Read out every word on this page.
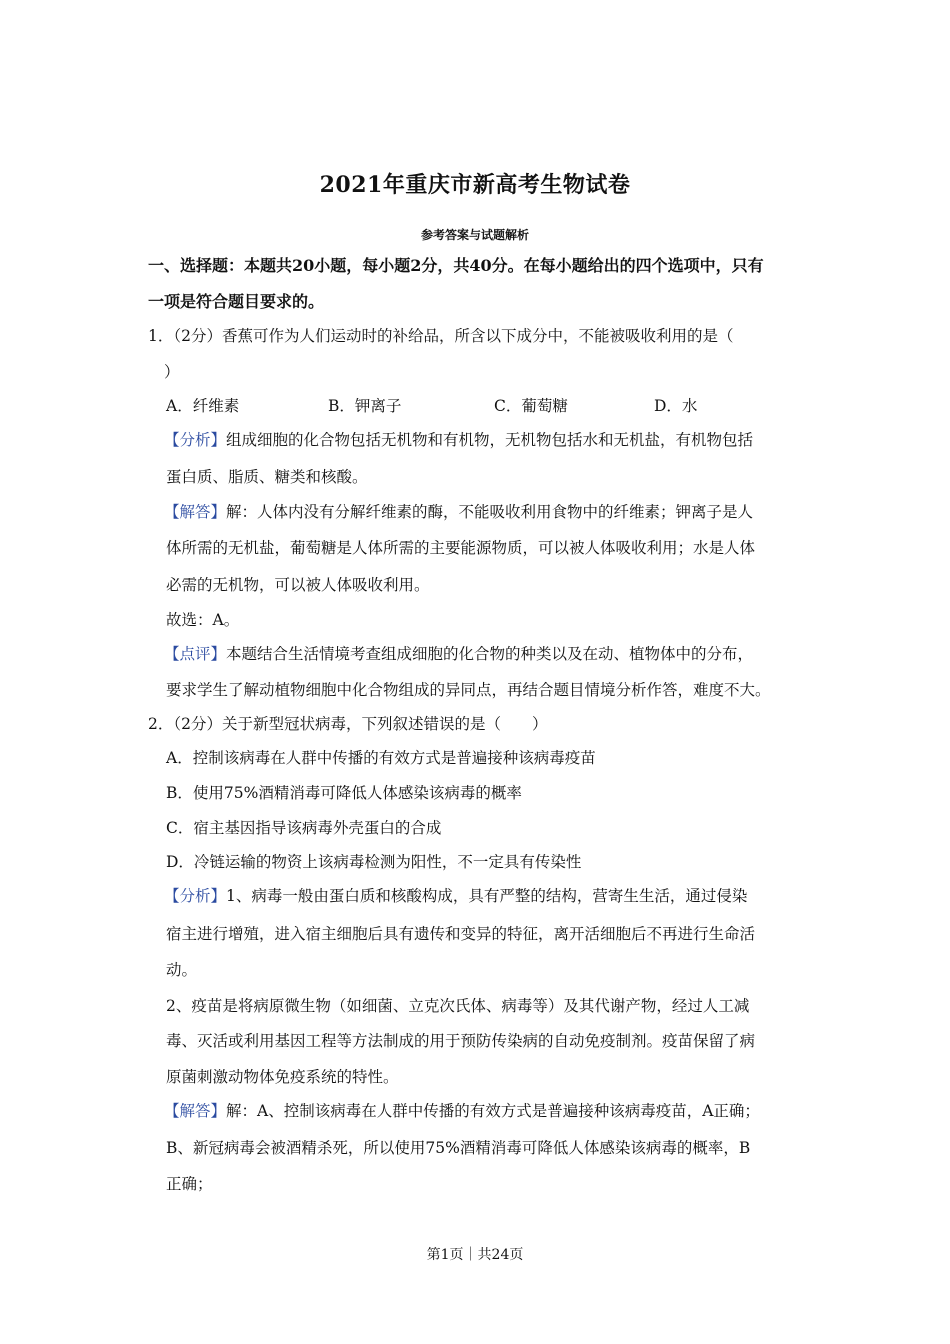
2021年重庆市新高考生物试卷
参考答案与试题解析
一、选择题：本题共20小题，每小题2分，共40分。在每小题给出的四个选项中，只有
一项是符合题目要求的。
1．（2分）香蕉可作为人们运动时的补给品，所含以下成分中，不能被吸收利用的是（
）
A．纤维素	B．钾离子	C．葡萄糖	D．水
【分析】组成细胞的化合物包括无机物和有机物，无机物包括水和无机盐，有机物包括
蛋白质、脂质、糖类和核酸。
【解答】解：人体内没有分解纤维素的酶，不能吸收利用食物中的纤维素；钾离子是人
体所需的无机盐，葡萄糖是人体所需的主要能源物质，可以被人体吸收利用；水是人体
必需的无机物，可以被人体吸收利用。
故选：A。
【点评】本题结合生活情境考查组成细胞的化合物的种类以及在动、植物体中的分布，
要求学生了解动植物细胞中化合物组成的异同点，再结合题目情境分析作答，难度不大。
2．（2分）关于新型冠状病毒，下列叙述错误的是（　　）
A．控制该病毒在人群中传播的有效方式是普遍接种该病毒疫苗
B．使用75%酒精消毒可降低人体感染该病毒的概率
C．宿主基因指导该病毒外壳蛋白的合成
D．冷链运输的物资上该病毒检测为阳性，不一定具有传染性
【分析】1、病毒一般由蛋白质和核酸构成，具有严整的结构，营寄生生活，通过侵染
宿主进行增殖，进入宿主细胞后具有遗传和变异的特征，离开活细胞后不再进行生命活
动。
2、疫苗是将病原微生物（如细菌、立克次氏体、病毒等）及其代谢产物，经过人工减
毒、灭活或利用基因工程等方法制成的用于预防传染病的自动免疫制剂。疫苗保留了病
原菌刺激动物体免疫系统的特性。
【解答】解：A、控制该病毒在人群中传播的有效方式是普遍接种该病毒疫苗，A正确；
B、新冠病毒会被酒精杀死，所以使用75%酒精消毒可降低人体感染该病毒的概率，B
正确；
第1页｜共24页
